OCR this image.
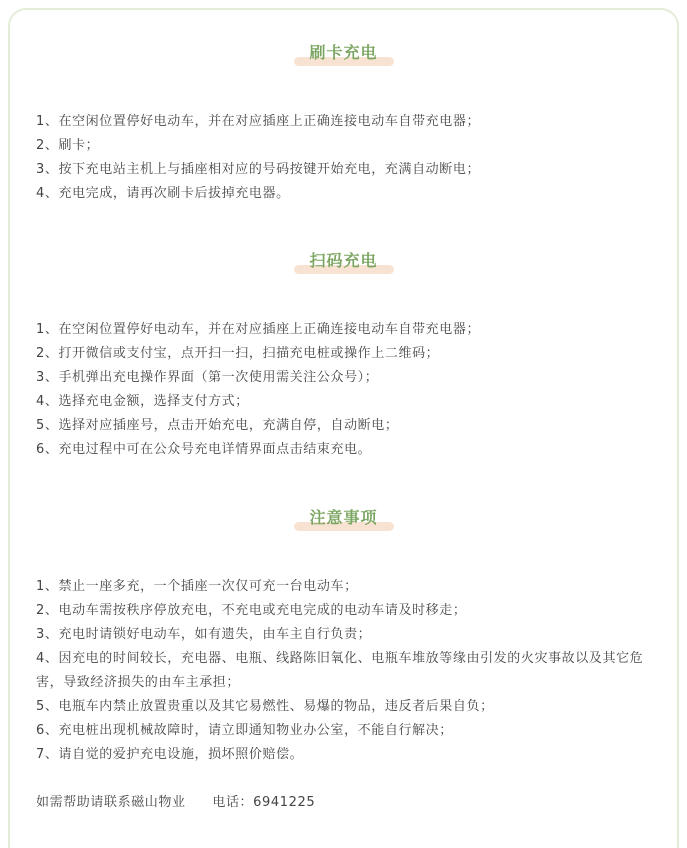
刷卡充电
1、在空闲位置停好电动车，并在对应插座上正确连接电动车自带充电器；
2、刷卡；
3、按下充电站主机上与插座相对应的号码按键开始充电，充满自动断电；
4、充电完成，请再次刷卡后拔掉充电器。
扫码充电
1、在空闲位置停好电动车，并在对应插座上正确连接电动车自带充电器；
2、打开微信或支付宝，点开扫一扫，扫描充电桩或操作上二维码；
3、手机弹出充电操作界面（第一次使用需关注公众号）；
4、选择充电金额，选择支付方式；
5、选择对应插座号，点击开始充电，充满自停，自动断电；
6、充电过程中可在公众号充电详情界面点击结束充电。
注意事项
1、禁止一座多充，一个插座一次仅可充一台电动车；
2、电动车需按秩序停放充电，不充电或充电完成的电动车请及时移走；
3、充电时请锁好电动车，如有遗失，由车主自行负责；
4、因充电的时间较长，充电器、电瓶、线路陈旧氧化、电瓶车堆放等缘由引发的火灾事故以及其它危害，导致经济损失的由车主承担；
5、电瓶车内禁止放置贵重以及其它易燃性、易爆的物品，违反者后果自负；
6、充电桩出现机械故障时，请立即通知物业办公室，不能自行解决；
7、请自觉的爱护充电设施，损坏照价赔偿。
如需帮助请联系磁山物业 电话：6941225
